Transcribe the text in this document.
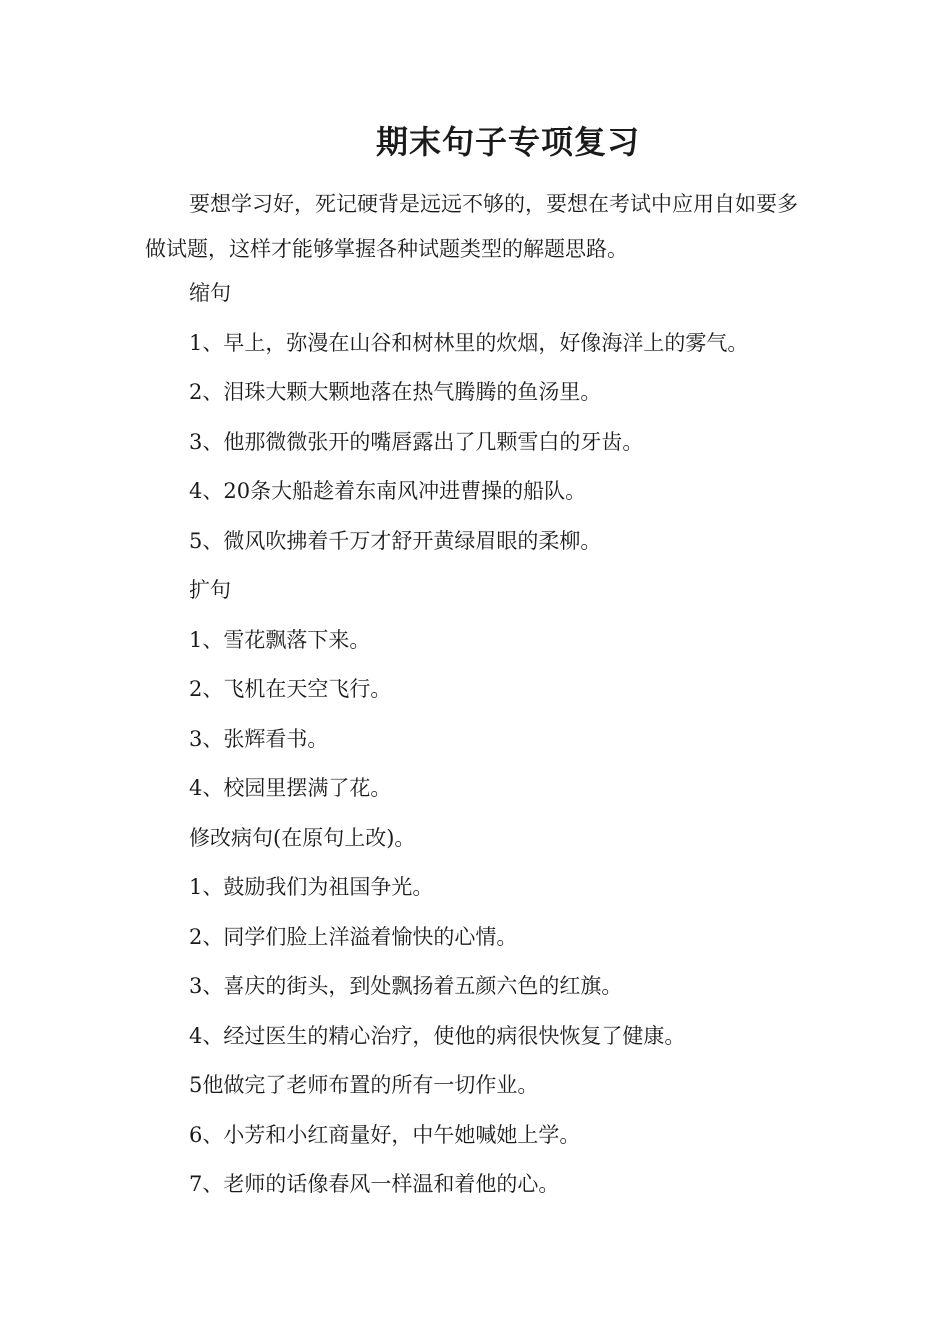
期末句子专项复习
要想学习好，死记硬背是远远不够的，要想在考试中应用自如要多做试题，这样才能够掌握各种试题类型的解题思路。
缩句
1、早上，弥漫在山谷和树林里的炊烟，好像海洋上的雾气。
2、泪珠大颗大颗地落在热气腾腾的鱼汤里。
3、他那微微张开的嘴唇露出了几颗雪白的牙齿。
4、20条大船趁着东南风冲进曹操的船队。
5、微风吹拂着千万才舒开黄绿眉眼的柔柳。
扩句
1、雪花飘落下来。
2、飞机在天空飞行。
3、张辉看书。
4、校园里摆满了花。
修改病句(在原句上改)。
1、鼓励我们为祖国争光。
2、同学们脸上洋溢着愉快的心情。
3、喜庆的街头，到处飘扬着五颜六色的红旗。
4、经过医生的精心治疗，使他的病很快恢复了健康。
5他做完了老师布置的所有一切作业。
6、小芳和小红商量好，中午她喊她上学。
7、老师的话像春风一样温和着他的心。
